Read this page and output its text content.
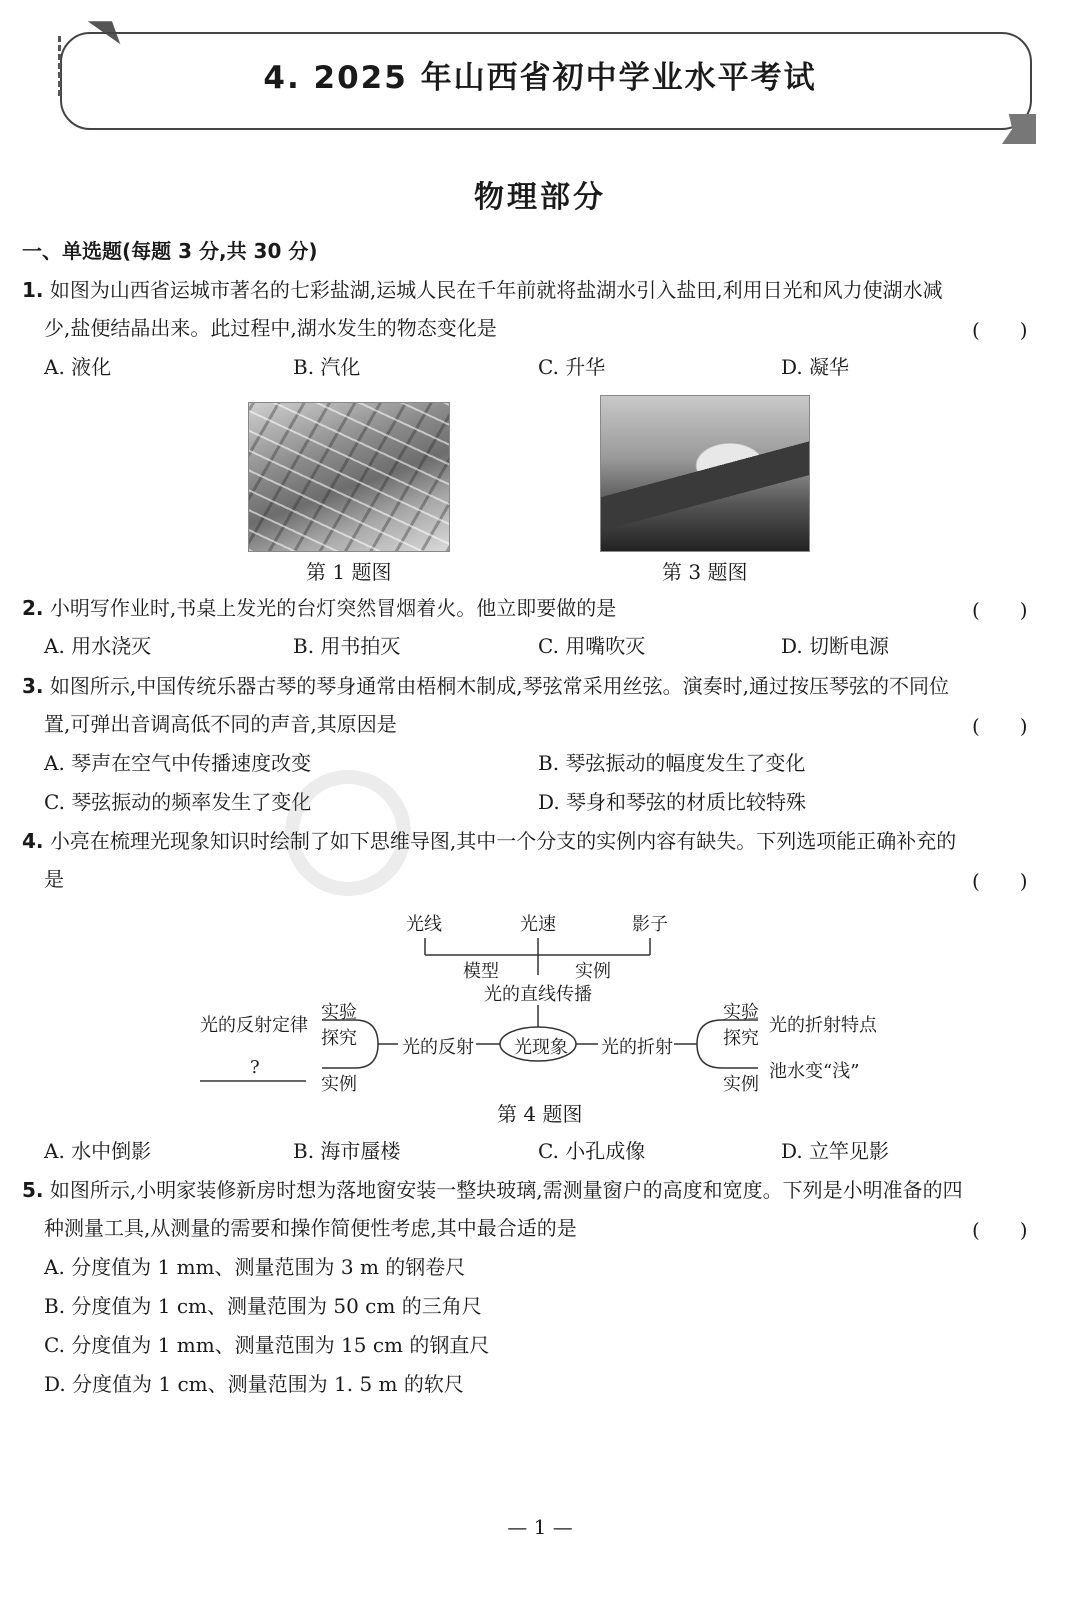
4. 2025 年山西省初中学业水平考试
物理部分
一、单选题(每题 3 分,共 30 分)
1. 如图为山西省运城市著名的七彩盐湖,运城人民在千年前就将盐湖水引入盐田,利用日光和风力使湖水减
少,盐便结晶出来。此过程中,湖水发生的物态变化是	(　　)
A. 液化	B. 汽化	C. 升华	D. 凝华
第 1 题图	第 3 题图
2. 小明写作业时,书桌上发光的台灯突然冒烟着火。他立即要做的是	(　　)
A. 用水浇灭	B. 用书拍灭	C. 用嘴吹灭	D. 切断电源
3. 如图所示,中国传统乐器古琴的琴身通常由梧桐木制成,琴弦常采用丝弦。演奏时,通过按压琴弦的不同位
置,可弹出音调高低不同的声音,其原因是	(　　)
A. 琴声在空气中传播速度改变	B. 琴弦振动的幅度发生了变化
C. 琴弦振动的频率发生了变化	D. 琴身和琴弦的材质比较特殊
4. 小亮在梳理光现象知识时绘制了如下思维导图,其中一个分支的实例内容有缺失。下列选项能正确补充的
是	(　　)
光线	光速	影子
模型	实例
光的直线传播
光现象
光的反射	光的折射
实验
探究
实例
光的反射定律
?
实验
探究
实例
光的折射特点
池水变“浅”
第 4 题图
A. 水中倒影	B. 海市蜃楼	C. 小孔成像	D. 立竿见影
5. 如图所示,小明家装修新房时想为落地窗安装一整块玻璃,需测量窗户的高度和宽度。下列是小明准备的四
种测量工具,从测量的需要和操作简便性考虑,其中最合适的是	(　　)
A. 分度值为 1 mm、测量范围为 3 m 的钢卷尺
B. 分度值为 1 cm、测量范围为 50 cm 的三角尺
C. 分度值为 1 mm、测量范围为 15 cm 的钢直尺
D. 分度值为 1 cm、测量范围为 1. 5 m 的软尺
— 1 —
